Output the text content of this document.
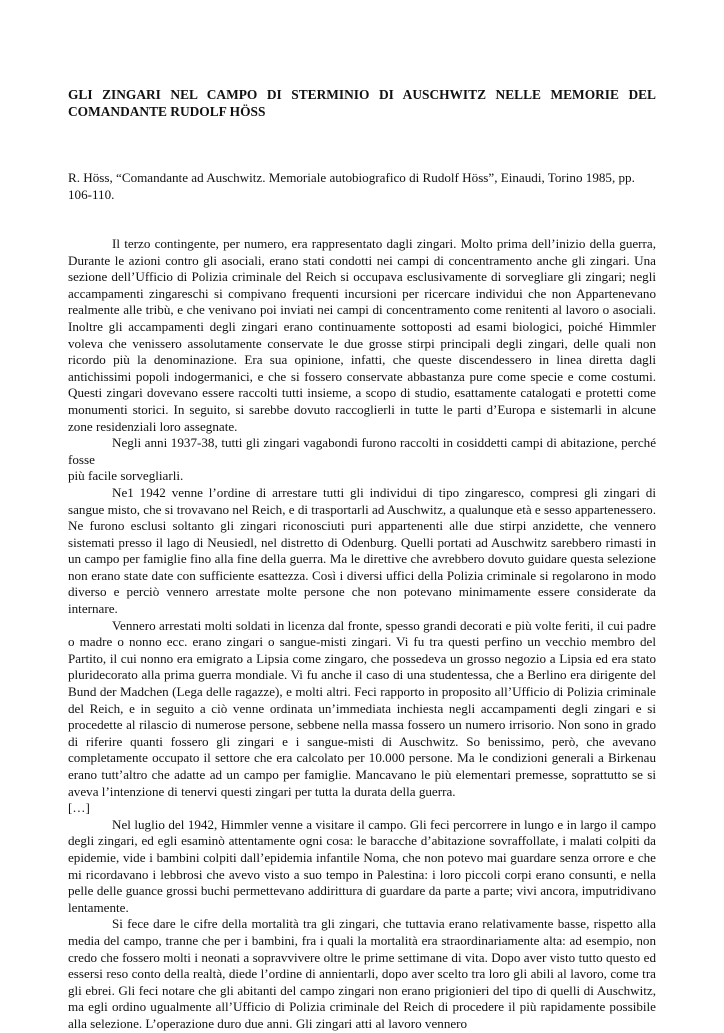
GLI ZINGARI NEL CAMPO DI STERMINIO DI AUSCHWITZ NELLE MEMORIE DEL COMANDANTE RUDOLF HÖSS

R. Höss, “Comandante ad Auschwitz. Memoriale autobiografico di Rudolf Höss”, Einaudi, Torino 1985, pp. 106-110.

Il terzo contingente, per numero, era rappresentato dagli zingari. Molto prima dell’inizio della guerra, Durante le azioni contro gli asociali, erano stati condotti nei campi di concentramento anche gli zingari. Una sezione dell’Ufficio di Polizia criminale del Reich si occupava esclusivamente di sorvegliare gli zingari; negli accampamenti zingareschi si compivano frequenti incursioni per ricercare individui che non Appartenevano realmente alle tribù, e che venivano poi inviati nei campi di concentramento come renitenti al lavoro o asociali. Inoltre gli accampamenti degli zingari erano continuamente sottoposti ad esami biologici, poiché Himmler voleva che venissero assolutamente conservate le due grosse stirpi principali degli zingari, delle quali non ricordo più la denominazione. Era sua opinione, infatti, che queste discendessero in linea diretta dagli antichissimi popoli indogermanici, e che si fossero conservate abbastanza pure come specie e come costumi. Questi zingari dovevano essere raccolti tutti insieme, a scopo di studio, esattamente catalogati e protetti come monumenti storici. In seguito, si sarebbe dovuto raccoglierli in tutte le parti d’Europa e sistemarli in alcune zone residenziali loro assegnate.

Negli anni 1937-38, tutti gli zingari vagabondi furono raccolti in cosiddetti campi di abitazione, perché fosse

più facile sorvegliarli.

Ne1 1942 venne l’ordine di arrestare tutti gli individui di tipo zingaresco, compresi gli zingari di sangue misto, che si trovavano nel Reich, e di trasportarli ad Auschwitz, a qualunque età e sesso appartenessero. Ne furono esclusi soltanto gli zingari riconosciuti puri appartenenti alle due stirpi anzidette, che vennero sistemati presso il lago di Neusiedl, nel distretto di Odenburg. Quelli portati ad Auschwitz sarebbero rimasti in un campo per famiglie fino alla fine della guerra. Ma le direttive che avrebbero dovuto guidare questa selezione non erano state date con sufficiente esattezza. Così i diversi uffici della Polizia criminale si regolarono in modo diverso e perciò vennero arrestate molte persone che non potevano minimamente essere considerate da internare.

Vennero arrestati molti soldati in licenza dal fronte, spesso grandi decorati e più volte feriti, il cui padre o madre o nonno ecc. erano zingari o sangue-misti zingari. Vi fu tra questi perfino un vecchio membro del Partito, il cui nonno era emigrato a Lipsia come zingaro, che possedeva un grosso negozio a Lipsia ed era stato pluridecorato alla prima guerra mondiale. Vi fu anche il caso di una studentessa, che a Berlino era dirigente del Bund der Madchen (Lega delle ragazze), e molti altri. Feci rapporto in proposito all’Ufficio di Polizia criminale del Reich, e in seguito a ciò venne ordinata un’immediata inchiesta negli accampamenti degli zingari e si procedette al rilascio di numerose persone, sebbene nella massa fossero un numero irrisorio. Non sono in grado di riferire quanti fossero gli zingari e i sangue-misti di Auschwitz. So benissimo, però, che avevano completamente occupato il settore che era calcolato per 10.000 persone. Ma le condizioni generali a Birkenau erano tutt’altro che adatte ad un campo per famiglie. Mancavano le più elementari premesse, soprattutto se si aveva l’intenzione di tenervi questi zingari per tutta la durata della guerra.

[…]

Nel luglio del 1942, Himmler venne a visitare il campo. Gli feci percorrere in lungo e in largo il campo degli zingari, ed egli esaminò attentamente ogni cosa: le baracche d’abitazione sovraffollate, i malati colpiti da epidemie, vide i bambini colpiti dall’epidemia infantile Noma, che non potevo mai guardare senza orrore e che mi ricordavano i lebbrosi che avevo visto a suo tempo in Palestina: i loro piccoli corpi erano consunti, e nella pelle delle guance grossi buchi permettevano addirittura di guardare da parte a parte; vivi ancora, imputridivano lentamente.

Si fece dare le cifre della mortalità tra gli zingari, che tuttavia erano relativamente basse, rispetto alla media del campo, tranne che per i bambini, fra i quali la mortalità era straordinariamente alta: ad esempio, non credo che fossero molti i neonati a sopravvivere oltre le prime settimane di vita. Dopo aver visto tutto questo ed essersi reso conto della realtà, diede l’ordine di annientarli, dopo aver scelto tra loro gli abili al lavoro, come tra gli ebrei. Gli feci notare che gli abitanti del campo zingari non erano prigionieri del tipo di quelli di Auschwitz, ma egli ordino ugualmente all’Ufficio di Polizia criminale del Reich di procedere il più rapidamente possibile alla selezione. L’operazione duro due anni. Gli zingari atti al lavoro vennero
